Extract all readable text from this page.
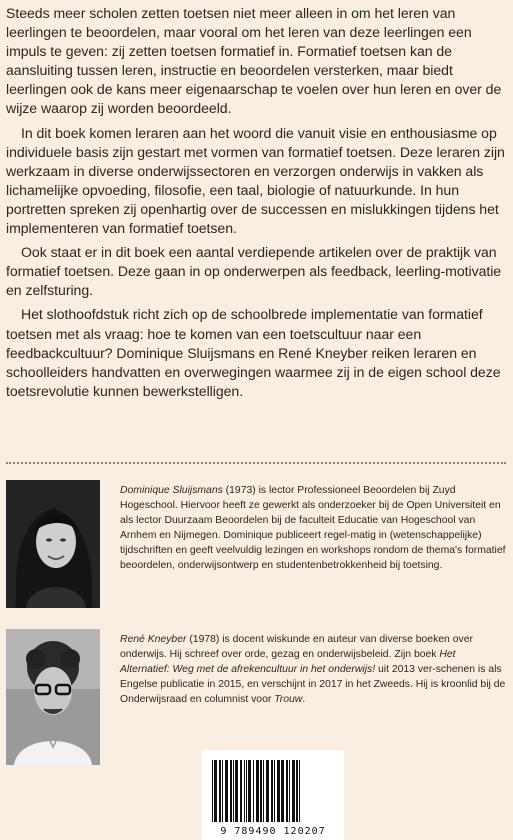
Steeds meer scholen zetten toetsen niet meer alleen in om het leren van leerlingen te beoordelen, maar vooral om het leren van deze leerlingen een impuls te geven: zij zetten toetsen formatief in. Formatief toetsen kan de aansluiting tussen leren, instructie en beoordelen versterken, maar biedt leerlingen ook de kans meer eigenaarschap te voelen over hun leren en over de wijze waarop zij worden beoordeeld.

In dit boek komen leraren aan het woord die vanuit visie en enthousiasme op individuele basis zijn gestart met vormen van formatief toetsen. Deze leraren zijn werkzaam in diverse onderwijssectoren en verzorgen onderwijs in vakken als lichamelijke opvoeding, filosofie, een taal, biologie of natuurkunde. In hun portretten spreken zij openhartig over de successen en mislukkingen tijdens het implementeren van formatief toetsen.

Ook staat er in dit boek een aantal verdiepende artikelen over de praktijk van formatief toetsen. Deze gaan in op onderwerpen als feedback, leerling-motivatie en zelfsturing.

Het slothoofdstuk richt zich op de schoolbrede implementatie van formatief toetsen met als vraag: hoe te komen van een toetscultuur naar een feedbackcultuur? Dominique Sluijsmans en René Kneyber reiken leraren en schoolleiders handvatten en overwegingen waarmee zij in de eigen school deze toetsrevolutie kunnen bewerkstelligen.

Dominique Sluijsmans (1973) is lector Professioneel Beoordelen bij Zuyd Hogeschool. Hiervoor heeft ze gewerkt als onderzoeker bij de Open Universiteit en als lector Duurzaam Beoordelen bij de faculteit Educatie van Hogeschool van Arnhem en Nijmegen. Dominique publiceert regel-matig in (wetenschappelijke) tijdschriften en geeft veelvuldig lezingen en workshops rondom de thema's formatief beoordelen, onderwijsontwerp en studentenbetrokkenheid bij toetsing.
René Kneyber (1978) is docent wiskunde en auteur van diverse boeken over onderwijs. Hij schreef over orde, gezag en onderwijsbeleid. Zijn boek Het Alternatief: Weg met de afrekencultuur in het onderwijs! uit 2013 ver-schenen is als Engelse publicatie in 2015, en verschijnt in 2017 in het Zweeds. Hij is kroonlid bij de Onderwijsraad en columnist voor Trouw.
9 789490 120207
